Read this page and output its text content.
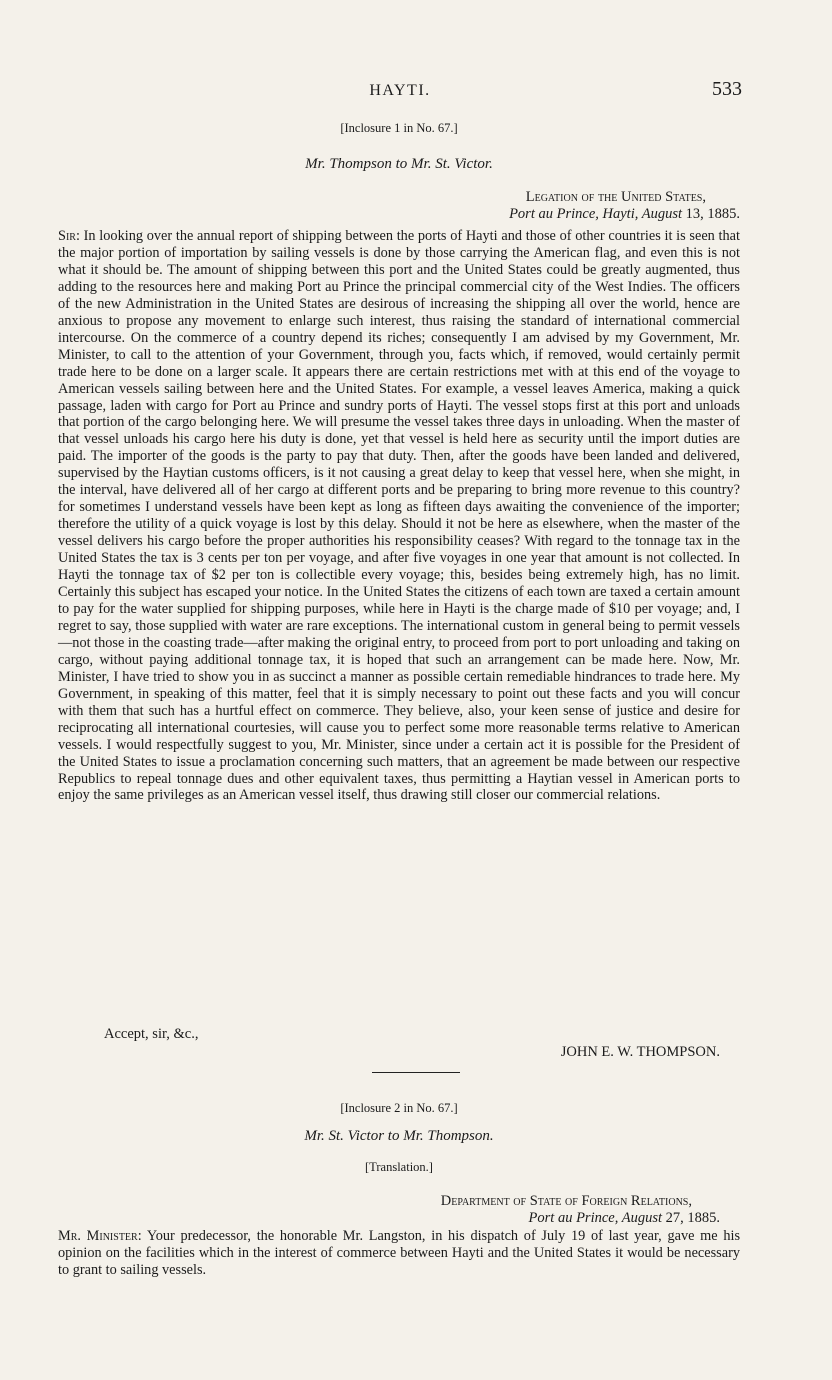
HAYTI.	533
[Inclosure 1 in No. 67.]
Mr. Thompson to Mr. St. Victor.
Legation of the United States,
Port au Prince, Hayti, August 13, 1885.
Sir: In looking over the annual report of shipping between the ports of Hayti and those of other countries it is seen that the major portion of importation by sailing vessels is done by those carrying the American flag, and even this is not what it should be. The amount of shipping between this port and the United States could be greatly augmented, thus adding to the resources here and making Port au Prince the principal commercial city of the West Indies. The officers of the new Administration in the United States are desirous of increasing the shipping all over the world, hence are anxious to propose any movement to enlarge such interest, thus raising the standard of international commercial intercourse. On the commerce of a country depend its riches; consequently I am advised by my Government, Mr. Minister, to call to the attention of your Government, through you, facts which, if removed, would certainly permit trade here to be done on a larger scale. It appears there are certain restrictions met with at this end of the voyage to American vessels sailing between here and the United States. For example, a vessel leaves America, making a quick passage, laden with cargo for Port au Prince and sundry ports of Hayti. The vessel stops first at this port and unloads that portion of the cargo belonging here. We will presume the vessel takes three days in unloading. When the master of that vessel unloads his cargo here his duty is done, yet that vessel is held here as security until the import duties are paid. The importer of the goods is the party to pay that duty. Then, after the goods have been landed and delivered, supervised by the Haytian customs officers, is it not causing a great delay to keep that vessel here, when she might, in the interval, have delivered all of her cargo at different ports and be preparing to bring more revenue to this country? for sometimes I understand vessels have been kept as long as fifteen days awaiting the convenience of the importer; therefore the utility of a quick voyage is lost by this delay. Should it not be here as elsewhere, when the master of the vessel delivers his cargo before the proper authorities his responsibility ceases? With regard to the tonnage tax in the United States the tax is 3 cents per ton per voyage, and after five voyages in one year that amount is not collected. In Hayti the tonnage tax of $2 per ton is collectible every voyage; this, besides being extremely high, has no limit. Certainly this subject has escaped your notice. In the United States the citizens of each town are taxed a certain amount to pay for the water supplied for shipping purposes, while here in Hayti is the charge made of $10 per voyage; and, I regret to say, those supplied with water are rare exceptions. The international custom in general being to permit vessels—not those in the coasting trade—after making the original entry, to proceed from port to port unloading and taking on cargo, without paying additional tonnage tax, it is hoped that such an arrangement can be made here. Now, Mr. Minister, I have tried to show you in as succinct a manner as possible certain remediable hindrances to trade here. My Government, in speaking of this matter, feel that it is simply necessary to point out these facts and you will concur with them that such has a hurtful effect on commerce. They believe, also, your keen sense of justice and desire for reciprocating all international courtesies, will cause you to perfect some more reasonable terms relative to American vessels. I would respectfully suggest to you, Mr. Minister, since under a certain act it is possible for the President of the United States to issue a proclamation concerning such matters, that an agreement be made between our respective Republics to repeal tonnage dues and other equivalent taxes, thus permitting a Haytian vessel in American ports to enjoy the same privileges as an American vessel itself, thus drawing still closer our commercial relations.
Accept, sir, &c.,
JOHN E. W. THOMPSON.
[Inclosure 2 in No. 67.]
Mr. St. Victor to Mr. Thompson.
[Translation.]
Department of State of Foreign Relations,
Port au Prince, August 27, 1885.
Mr. Minister: Your predecessor, the honorable Mr. Langston, in his dispatch of July 19 of last year, gave me his opinion on the facilities which in the interest of commerce between Hayti and the United States it would be necessary to grant to sailing vessels.
